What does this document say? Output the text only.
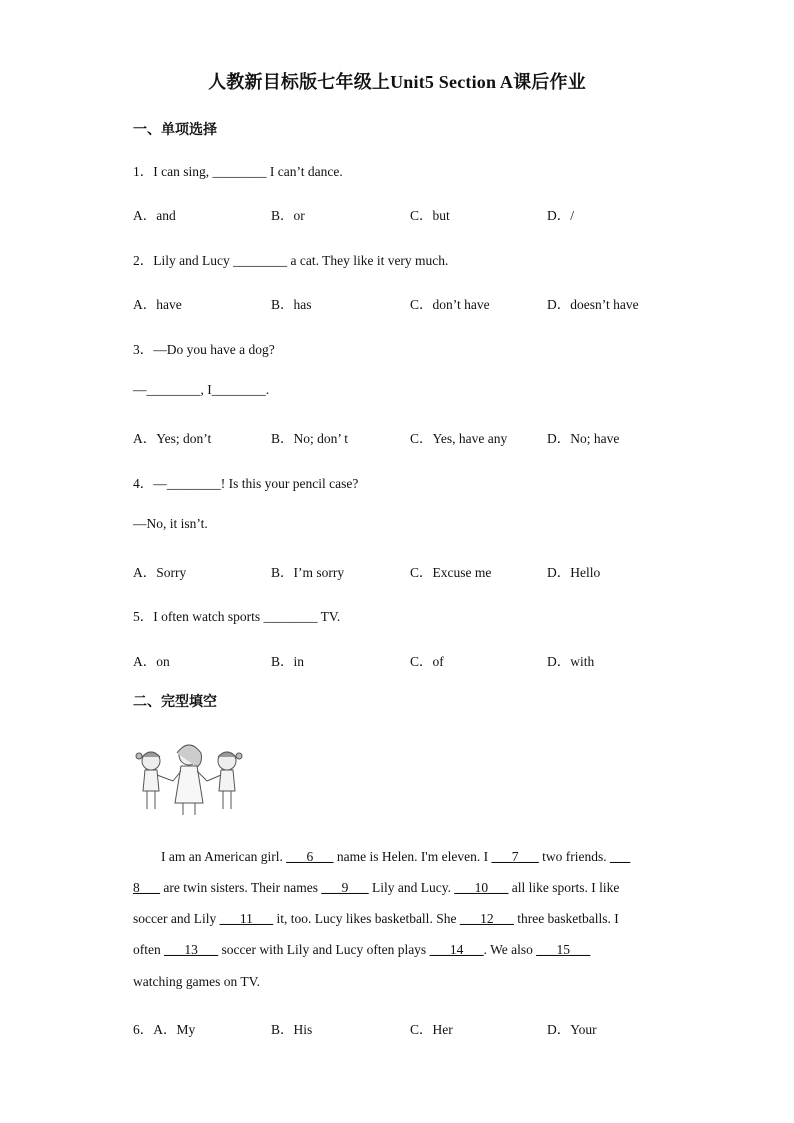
人教新目标版七年级上Unit5 Section A课后作业
一、单项选择
1．I can sing, ________ I can’t dance.
A．and	B．or	C．but	D．/
2．Lily and Lucy ________ a cat. They like it very much.
A．have	B．has	C．don’t have	D．doesn’t have
3．—Do you have a dog?
—________, I________.
A．Yes; don’t	B．No; don’ t	C．Yes, have any	D．No; have
4．—________! Is this your pencil case?
—No, it isn’t.
A．Sorry	B．I’m sorry	C．Excuse me	D．Hello
5．I often watch sports ________ TV.
A．on	B．in	C．of	D．with
二、完型填空
I am an American girl. ___6___ name is Helen. I'm eleven. I ___7___ two friends. ___
8___ are twin sisters. Their names ___9___ Lily and Lucy. ___10___ all like sports. I like
soccer and Lily ___11___ it, too. Lucy likes basketball. She ___12___ three basketballs. I
often ___13___ soccer with Lily and Lucy often plays ___14___. We also ___15___
watching games on TV.
6．A．My	B．His	C．Her	D．Your
